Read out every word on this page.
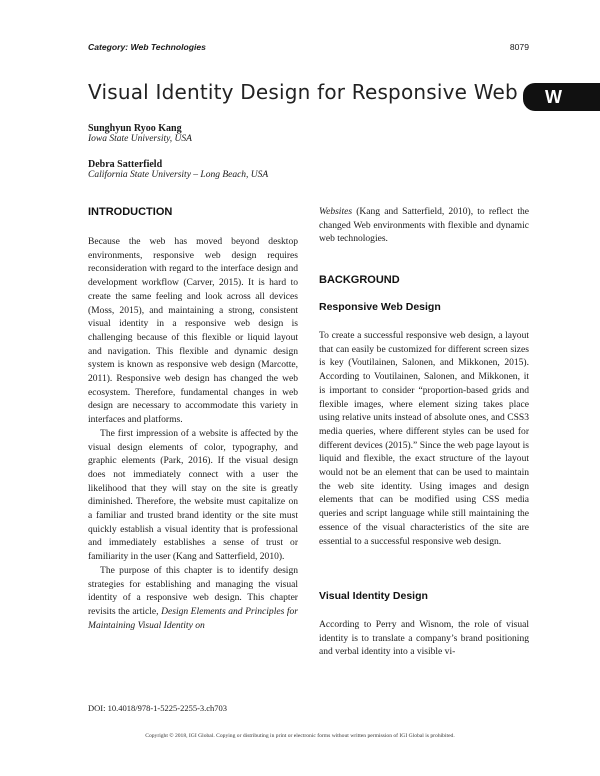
Category: Web Technologies	8079
Visual Identity Design for Responsive Web	W
Sunghyun Ryoo Kang
Iowa State University, USA
Debra Satterfield
California State University – Long Beach, USA
INTRODUCTION

Because the web has moved beyond desktop environments, responsive web design requires reconsideration with regard to the interface design and development workflow (Carver, 2015). It is hard to create the same feeling and look across all devices (Moss, 2015), and maintaining a strong, consistent visual identity in a responsive web design is challenging because of this flexible or liquid layout and navigation. This flexible and dynamic design system is known as responsive web design (Marcotte, 2011). Responsive web design has changed the web ecosystem. Therefore, fundamental changes in web design are necessary to accommodate this variety in interfaces and platforms.

The first impression of a website is affected by the visual design elements of color, typography, and graphic elements (Park, 2016). If the visual design does not immediately connect with a user the likelihood that they will stay on the site is greatly diminished. Therefore, the website must capitalize on a familiar and trusted brand identity or the site must quickly establish a visual identity that is professional and immediately establishes a sense of trust or familiarity in the user (Kang and Satterfield, 2010).

The purpose of this chapter is to identify design strategies for establishing and managing the visual identity of a responsive web design. This chapter revisits the article, Design Elements and Principles for Maintaining Visual Identity on

Websites (Kang and Satterfield, 2010), to reflect the changed Web environments with flexible and dynamic web technologies.

BACKGROUND
Responsive Web Design

To create a successful responsive web design, a layout that can easily be customized for different screen sizes is key (Voutilainen, Salonen, and Mikkonen, 2015). According to Voutilainen, Salonen, and Mikkonen, it is important to consider “proportion-based grids and flexible images, where element sizing takes place using relative units instead of absolute ones, and CSS3 media queries, where different styles can be used for different devices (2015).” Since the web page layout is liquid and flexible, the exact structure of the layout would not be an element that can be used to maintain the web site identity. Using images and design elements that can be modified using CSS media queries and script language while still maintaining the essence of the visual characteristics of the site are essential to a successful responsive web design.

Visual Identity Design

According to Perry and Wisnom, the role of visual identity is to translate a company’s brand positioning and verbal identity into a visible vi-

DOI: 10.4018/978-1-5225-2255-3.ch703
Copyright © 2018, IGI Global. Copying or distributing in print or electronic forms without written permission of IGI Global is prohibited.
